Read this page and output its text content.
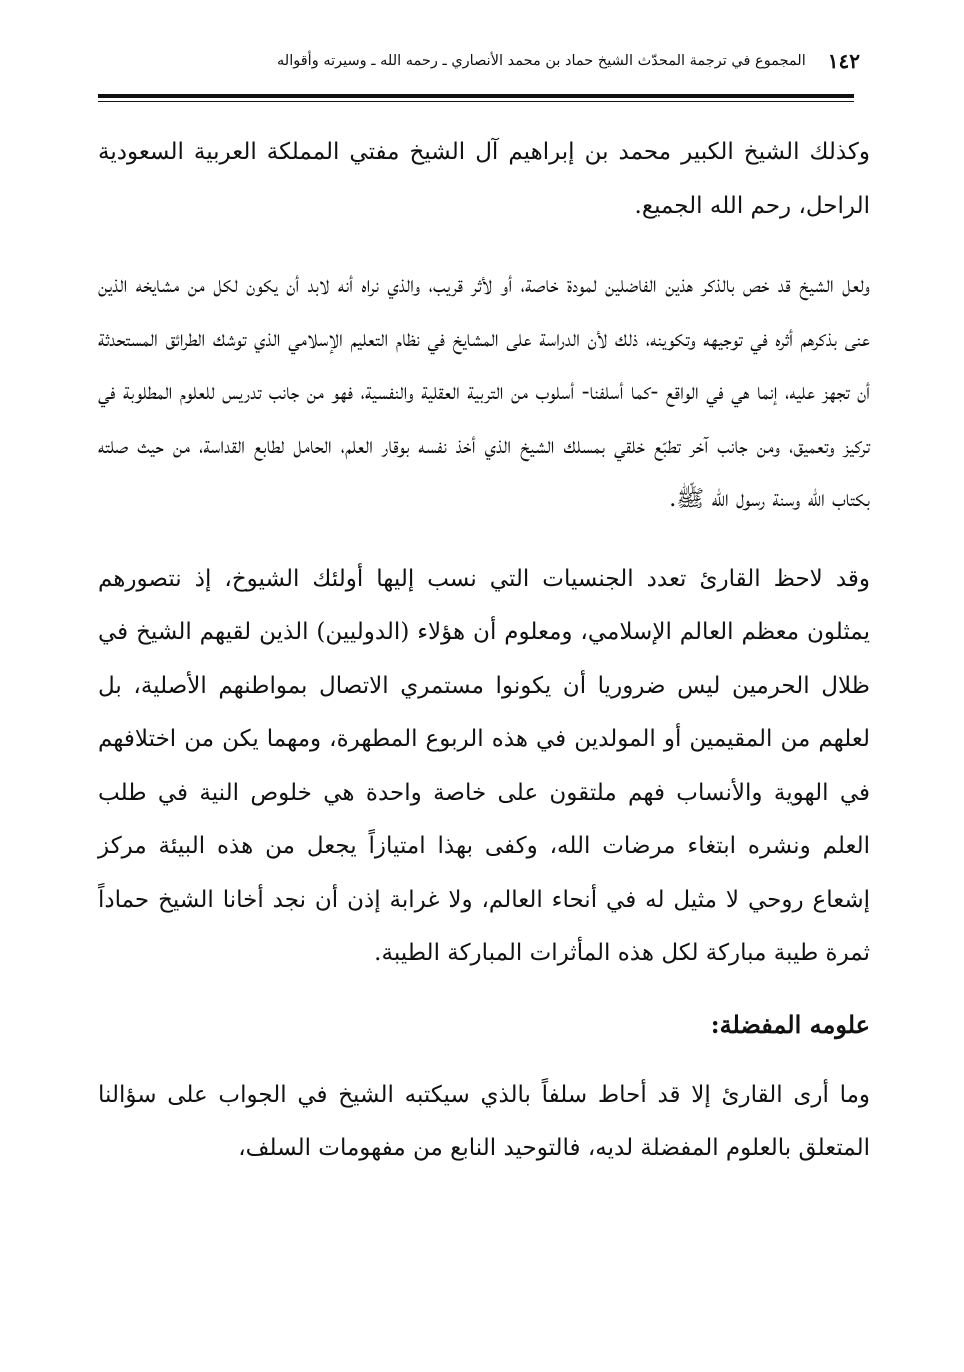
١٤٢
المجموع في ترجمة المحدّث الشيخ حماد بن محمد الأنصاري ـ رحمه الله ـ وسيرته وأقواله

وكذلك الشيخ الكبير محمد بن إبراهيم آل الشيخ مفتي المملكة العربية السعودية الراحل، رحم الله الجميع.

ولعل الشيخ قد خص بالذكر هذين الفاضلين لمودة خاصة، أو لأثر قريب، والذي نراه أنه لابد أن يكون لكل من مشايخه الذين عنى بذكرهم أثره في توجيهه وتكوينه، ذلك لأن الدراسة على المشايخ في نظام التعليم الإسلامي الذي توشك الطرائق المستحدثة أن تجهز عليه، إنما هي في الواقع -كما أسلفنا- أسلوب من التربية العقلية والنفسية، فهو من جانب تدريس للعلوم المطلوبة في تركيز وتعميق، ومن جانب آخر تطبّع خلقي بمسلك الشيخ الذي أخذ نفسه بوقار العلم، الحامل لطابع القداسة، من حيث صلته بكتاب الله وسنة رسول الله ﷺ.

وقد لاحظ القارئ تعدد الجنسيات التي نسب إليها أولئك الشيوخ، إذ نتصورهم يمثلون معظم العالم الإسلامي، ومعلوم أن هؤلاء (الدوليين) الذين لقيهم الشيخ في ظلال الحرمين ليس ضروريا أن يكونوا مستمري الاتصال بمواطنهم الأصلية، بل لعلهم من المقيمين أو المولدين في هذه الربوع المطهرة، ومهما يكن من اختلافهم في الهوية والأنساب فهم ملتقون على خاصة واحدة هي خلوص النية في طلب العلم ونشره ابتغاء مرضات الله، وكفى بهذا امتيازاً يجعل من هذه البيئة مركز إشعاع روحي لا مثيل له في أنحاء العالم، ولا غرابة إذن أن نجد أخانا الشيخ حماداً ثمرة طيبة مباركة لكل هذه المأثرات المباركة الطيبة.

علومه المفضلة:

وما أرى القارئ إلا قد أحاط سلفاً بالذي سيكتبه الشيخ في الجواب على سؤالنا المتعلق بالعلوم المفضلة لديه، فالتوحيد النابع من مفهومات السلف،
